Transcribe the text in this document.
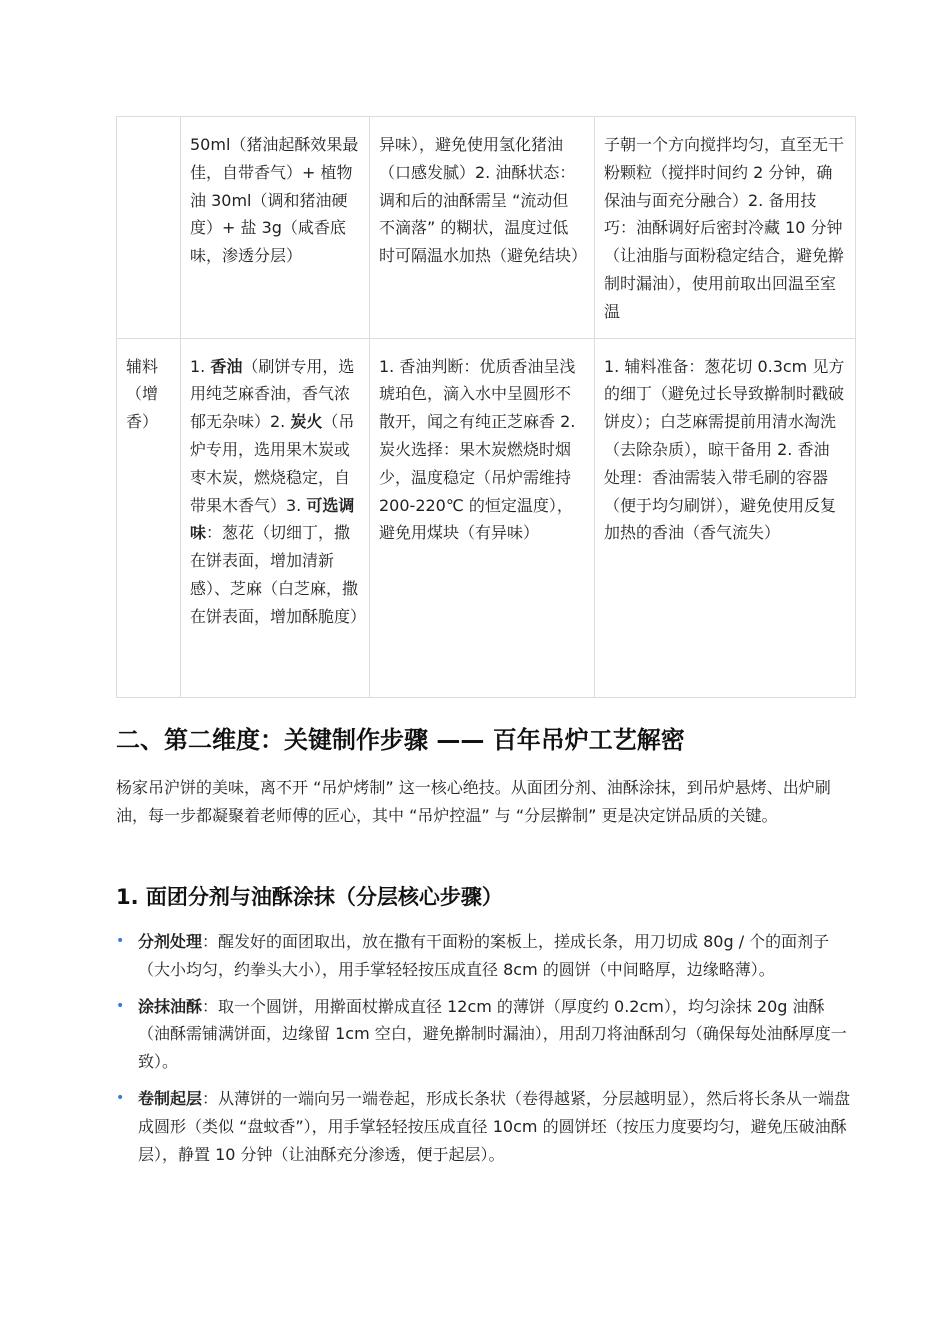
	50ml（猪油起酥效果最佳，自带香气）+ 植物油 30ml（调和猪油硬度）+ 盐 3g（咸香底味，渗透分层）	异味），避免使用氢化猪油（口感发腻）2. 油酥状态：调和后的油酥需呈 “流动但不滴落” 的糊状，温度过低时可隔温水加热（避免结块）	子朝一个方向搅拌均匀，直至无干粉颗粒（搅拌时间约 2 分钟，确保油与面充分融合）2. 备用技巧：油酥调好后密封冷藏 10 分钟（让油脂与面粉稳定结合，避免擀制时漏油），使用前取出回温至室温
辅料（增香）	1. 香油（刷饼专用，选用纯芝麻香油，香气浓郁无杂味）2. 炭火（吊炉专用，选用果木炭或枣木炭，燃烧稳定，自带果木香气）3. 可选调味：葱花（切细丁，撒在饼表面，增加清新感）、芝麻（白芝麻，撒在饼表面，增加酥脆度）	1. 香油判断：优质香油呈浅琥珀色，滴入水中呈圆形不散开，闻之有纯正芝麻香 2. 炭火选择：果木炭燃烧时烟少，温度稳定（吊炉需维持 200-220℃ 的恒定温度），避免用煤块（有异味）	1. 辅料准备：葱花切 0.3cm 见方的细丁（避免过长导致擀制时戳破饼皮）；白芝麻需提前用清水淘洗（去除杂质），晾干备用 2. 香油处理：香油需装入带毛刷的容器（便于均匀刷饼），避免使用反复加热的香油（香气流失）
二、第二维度：关键制作步骤 —— 百年吊炉工艺解密

杨家吊沪饼的美味，离不开 “吊炉烤制” 这一核心绝技。从面团分剂、油酥涂抹，到吊炉悬烤、出炉刷油，每一步都凝聚着老师傅的匠心，其中 “吊炉控温” 与 “分层擀制” 更是决定饼品质的关键。

1. 面团分剂与油酥涂抹（分层核心步骤）
• 分剂处理：醒发好的面团取出，放在撒有干面粉的案板上，搓成长条，用刀切成 80g / 个的面剂子（大小均匀，约拳头大小），用手掌轻轻按压成直径 8cm 的圆饼（中间略厚，边缘略薄）。
• 涂抹油酥：取一个圆饼，用擀面杖擀成直径 12cm 的薄饼（厚度约 0.2cm），均匀涂抹 20g 油酥（油酥需铺满饼面，边缘留 1cm 空白，避免擀制时漏油），用刮刀将油酥刮匀（确保每处油酥厚度一致）。
• 卷制起层：从薄饼的一端向另一端卷起，形成长条状（卷得越紧，分层越明显），然后将长条从一端盘成圆形（类似 “盘蚊香”），用手掌轻轻按压成直径 10cm 的圆饼坯（按压力度要均匀，避免压破油酥层），静置 10 分钟（让油酥充分渗透，便于起层）。
